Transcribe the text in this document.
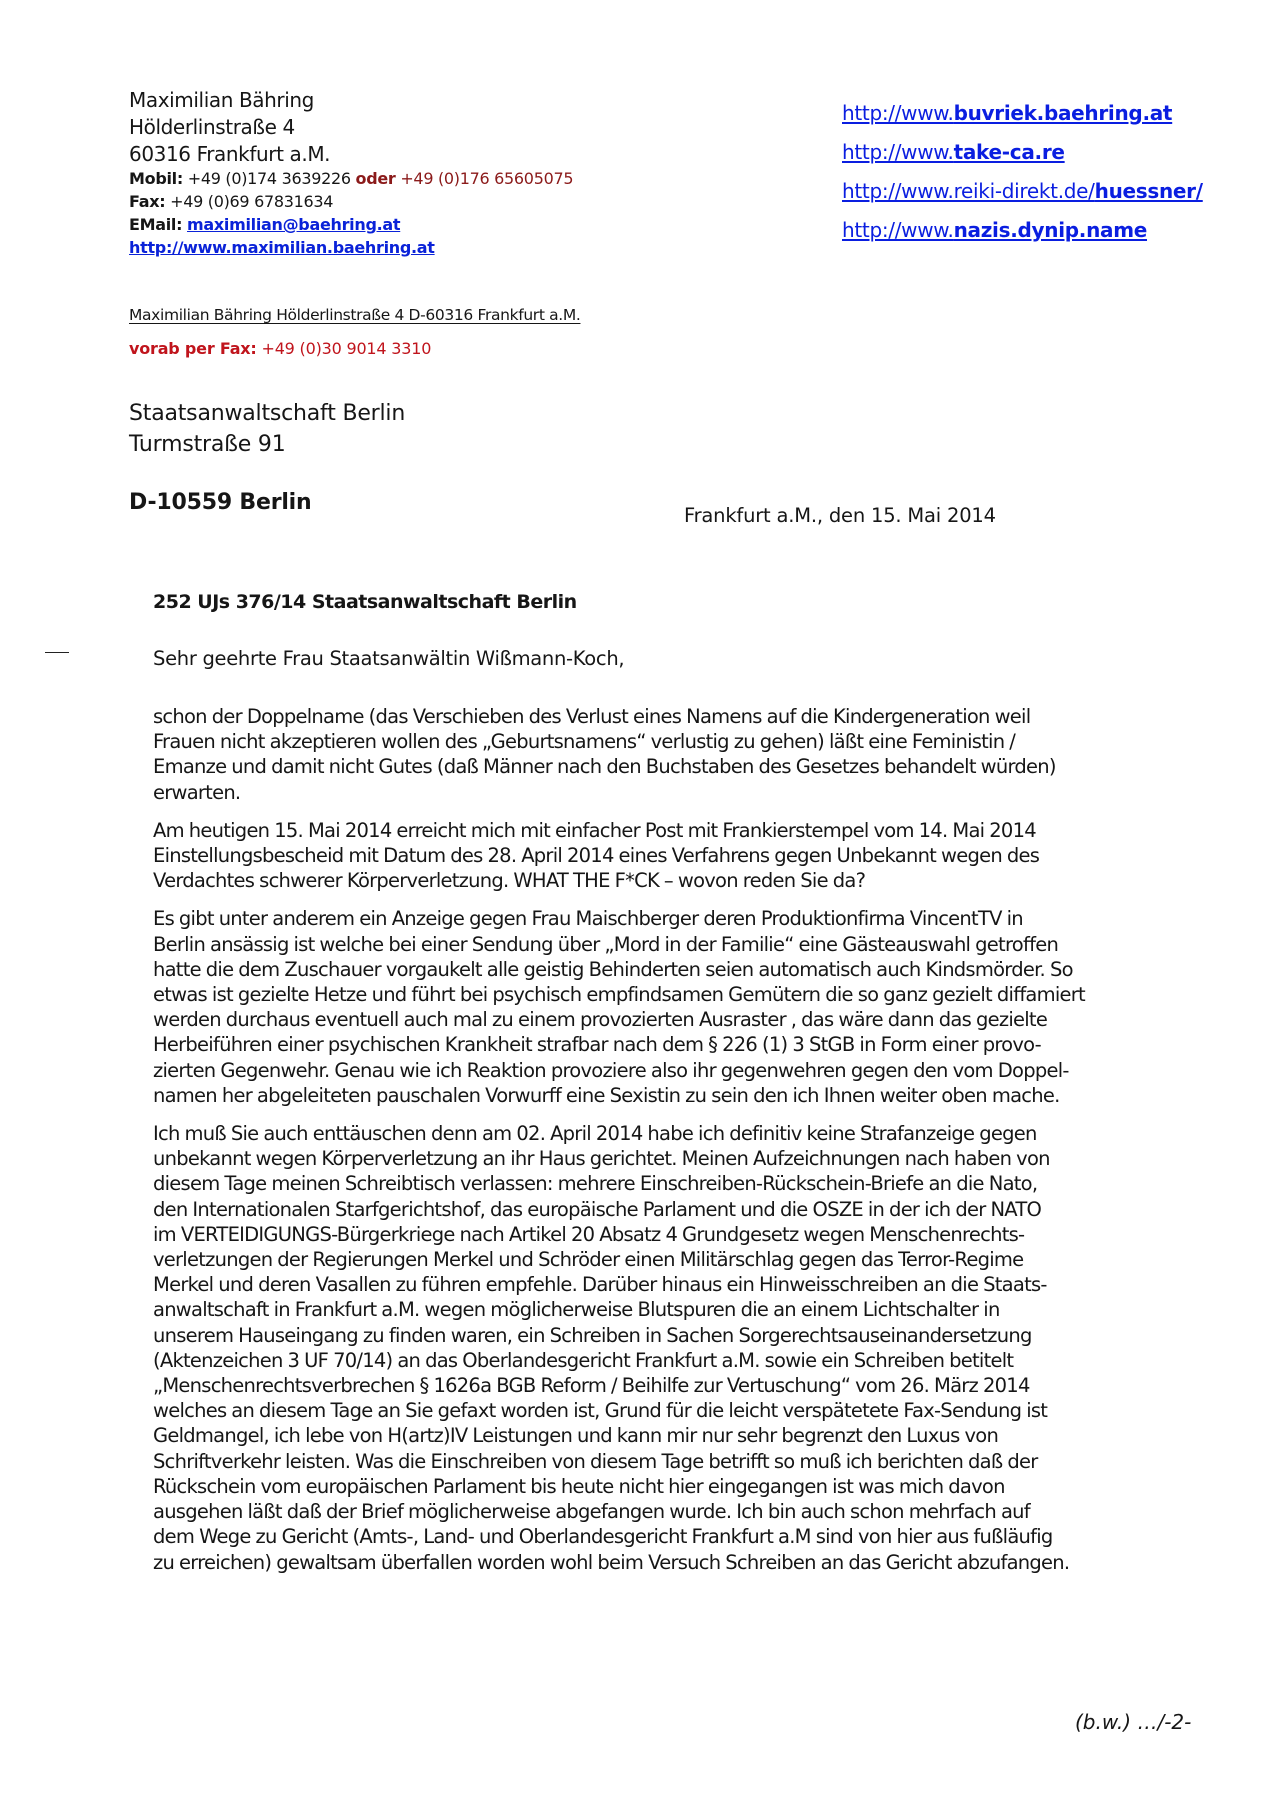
Maximilian Bähring
Hölderlinstraße 4
60316 Frankfurt a.M.
Mobil: +49 (0)174 3639226 oder +49 (0)176 65605075
Fax: +49 (0)69 67831634
EMail: maximilian@baehring.at
http://www.maximilian.baehring.at
http://www.buvriek.baehring.at
http://www.take-ca.re
http://www.reiki-direkt.de/huessner/
http://www.nazis.dynip.name
Maximilian Bähring Hölderlinstraße 4 D-60316 Frankfurt a.M.
vorab per Fax: +49 (0)30 9014 3310
Staatsanwaltschaft Berlin
Turmstraße 91
D-10559 Berlin
Frankfurt a.M., den 15. Mai 2014
252 UJs 376/14 Staatsanwaltschaft Berlin
Sehr geehrte Frau Staatsanwältin Wißmann-Koch,

schon der Doppelname (das Verschieben des Verlust eines Namens auf die Kindergeneration weil
Frauen nicht akzeptieren wollen des „Geburtsnamens“ verlustig zu gehen) läßt eine Feministin /
Emanze und damit nicht Gutes (daß Männer nach den Buchstaben des Gesetzes behandelt würden)
erwarten.

Am heutigen 15. Mai 2014 erreicht mich mit einfacher Post mit Frankierstempel vom 14. Mai 2014
Einstellungsbescheid mit Datum des 28. April 2014 eines Verfahrens gegen Unbekannt wegen des
Verdachtes schwerer Körperverletzung. WHAT THE F*CK – wovon reden Sie da?

Es gibt unter anderem ein Anzeige gegen Frau Maischberger deren Produktionfirma VincentTV in
Berlin ansässig ist welche bei einer Sendung über „Mord in der Familie“ eine Gästeauswahl getroffen
hatte die dem Zuschauer vorgaukelt alle geistig Behinderten seien automatisch auch Kindsmörder. So
etwas ist gezielte Hetze und führt bei psychisch empfindsamen Gemütern die so ganz gezielt diffamiert
werden durchaus eventuell auch mal zu einem provozierten Ausraster , das wäre dann das gezielte
Herbeiführen einer psychischen Krankheit strafbar nach dem § 226 (1) 3 StGB in Form einer provo-
zierten Gegenwehr. Genau wie ich Reaktion provoziere also ihr gegenwehren gegen den vom Doppel-
namen her abgeleiteten pauschalen Vorwurff eine Sexistin zu sein den ich Ihnen weiter oben mache.

Ich muß Sie auch enttäuschen denn am 02. April 2014 habe ich definitiv keine Strafanzeige gegen
unbekannt wegen Körperverletzung an ihr Haus gerichtet. Meinen Aufzeichnungen nach haben von
diesem Tage meinen Schreibtisch verlassen: mehrere Einschreiben-Rückschein-Briefe an die Nato,
den Internationalen Starfgerichtshof, das europäische Parlament und die OSZE in der ich der NATO
im VERTEIDIGUNGS-Bürgerkriege nach Artikel 20 Absatz 4 Grundgesetz wegen Menschenrechts-
verletzungen der Regierungen Merkel und Schröder einen Militärschlag gegen das Terror-Regime
Merkel und deren Vasallen zu führen empfehle. Darüber hinaus ein Hinweisschreiben an die Staats-
anwaltschaft in Frankfurt a.M. wegen möglicherweise Blutspuren die an einem Lichtschalter in
unserem Hauseingang zu finden waren, ein Schreiben in Sachen Sorgerechtsauseinandersetzung
(Aktenzeichen 3 UF 70/14) an das Oberlandesgericht Frankfurt a.M. sowie ein Schreiben betitelt
„Menschenrechtsverbrechen § 1626a BGB Reform / Beihilfe zur Vertuschung“ vom 26. März 2014
welches an diesem Tage an Sie gefaxt worden ist, Grund für die leicht verspätetete Fax-Sendung ist
Geldmangel, ich lebe von H(artz)IV Leistungen und kann mir nur sehr begrenzt den Luxus von
Schriftverkehr leisten. Was die Einschreiben von diesem Tage betrifft so muß ich berichten daß der
Rückschein vom europäischen Parlament bis heute nicht hier eingegangen ist was mich davon
ausgehen läßt daß der Brief möglicherweise abgefangen wurde. Ich bin auch schon mehrfach auf
dem Wege zu Gericht (Amts-, Land- und Oberlandesgericht Frankfurt a.M sind von hier aus fußläufig
zu erreichen) gewaltsam überfallen worden wohl beim Versuch Schreiben an das Gericht abzufangen.

(b.w.) …/-2-
